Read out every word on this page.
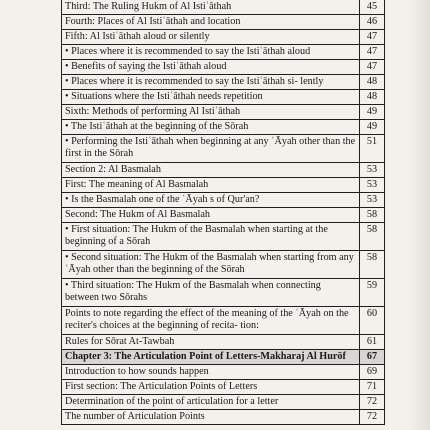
Third: The Ruling Hukm of Al Istiʿāthah	45
Fourth: Places of Al Istiʿāthah and location	46
Fifth: Al Istiʿāthah aloud or silently	47
• Places where it is recommended to say the Istiʿāthah aloud	47
• Benefits of saying the Istiʿāthah aloud	47
• Places where it is recommended to say the Istiʿāthah si- lently	48
• Situations where the Istiʿāthah needs repetition	48
Sixth: Methods of performing Al Istiʿāthah	49
• The Istiʿāthah at the beginning of the Sōrah	49
• Performing the Istiʿāthah when beginning at any ʿĀyah other than the first in the Sōrah	51
Section 2: Al Basmalah	53
First: The meaning of Al Basmalah	53
• Is the Basmalah one of the ʿĀyah s of Qur'an?	53
Second: The Hukm of Al Basmalah	58
• First situation: The Hukm of the Basmalah when starting at the beginning of a Sōrah	58
• Second situation: The Hukm of the Basmalah when starting from any ʿĀyah other than the beginning of the Sōrah	58
• Third situation: The Hukm of the Basmalah when connecting between two Sōrahs	59
Points to note regarding the effect of the meaning of the ʿĀyah on the reciter's choices at the beginning of recita- tion:	60
Rules for Sōrat At-Tawbah	61
Chapter 3: The Articulation Point of Letters-Makharaj Al Hurōf	67
Introduction to how sounds happen	69
First section: The Articulation Points of Letters	71
Determination of the point of articulation for a letter	72
The number of Articulation Points	72
